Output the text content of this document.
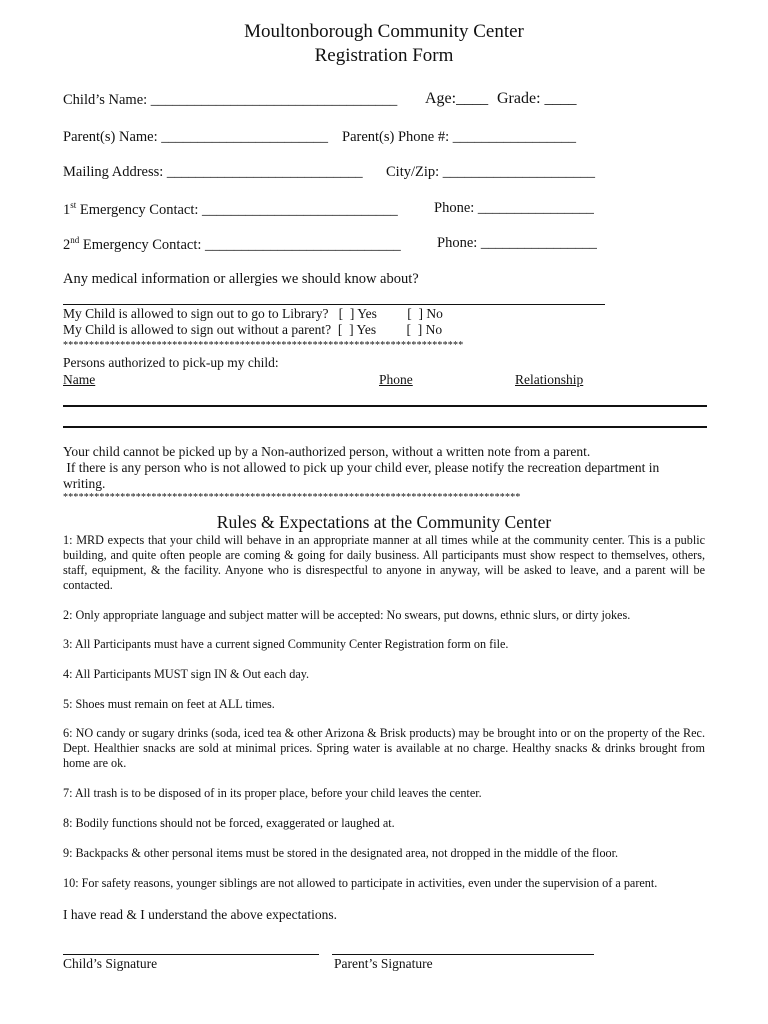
Moultonborough Community Center
Registration Form
Child’s Name: __________________________________ Age:____ Grade: ____
Parent(s) Name: _______________________ Parent(s) Phone #: _________________
Mailing Address: ___________________________ City/Zip: _____________________
1st Emergency Contact: ___________________________ Phone: ________________
2nd Emergency Contact: ___________________________ Phone: ________________
Any medical information or allergies we should know about?
My Child is allowed to sign out to go to Library?   [  ] Yes         [  ] No
My Child is allowed to sign out without a parent?  [  ] Yes         [  ] No
*****************************************************************************
Persons authorized to pick-up my child:
Name	Phone	Relationship
Your child cannot be picked up by a Non-authorized person, without a written note from a parent.
If there is any person who is not allowed to pick up your child ever, please notify the recreation department in
writing.
****************************************************************************************
Rules & Expectations at the Community Center
1: MRD expects that your child will behave in an appropriate manner at all times while at the community center. This is a public building, and quite often people are coming & going for daily business. All participants must show respect to themselves, others, staff, equipment, & the facility. Anyone who is disrespectful to anyone in anyway, will be asked to leave, and a parent will be contacted.
2: Only appropriate language and subject matter will be accepted: No swears, put downs, ethnic slurs, or dirty jokes.
3: All Participants must have a current signed Community Center Registration form on file.
4: All Participants MUST sign IN & Out each day.
5: Shoes must remain on feet at ALL times.
6: NO candy or sugary drinks (soda, iced tea & other Arizona & Brisk products) may be brought into or on the property of the Rec. Dept. Healthier snacks are sold at minimal prices. Spring water is available at no charge. Healthy snacks & drinks brought from home are ok.
7: All trash is to be disposed of in its proper place, before your child leaves the center.
8: Bodily functions should not be forced, exaggerated or laughed at.
9: Backpacks & other personal items must be stored in the designated area, not dropped in the middle of the floor.
10: For safety reasons, younger siblings are not allowed to participate in activities, even under the supervision of a parent.
I have read & I understand the above expectations.
Child’s Signature	Parent’s Signature
